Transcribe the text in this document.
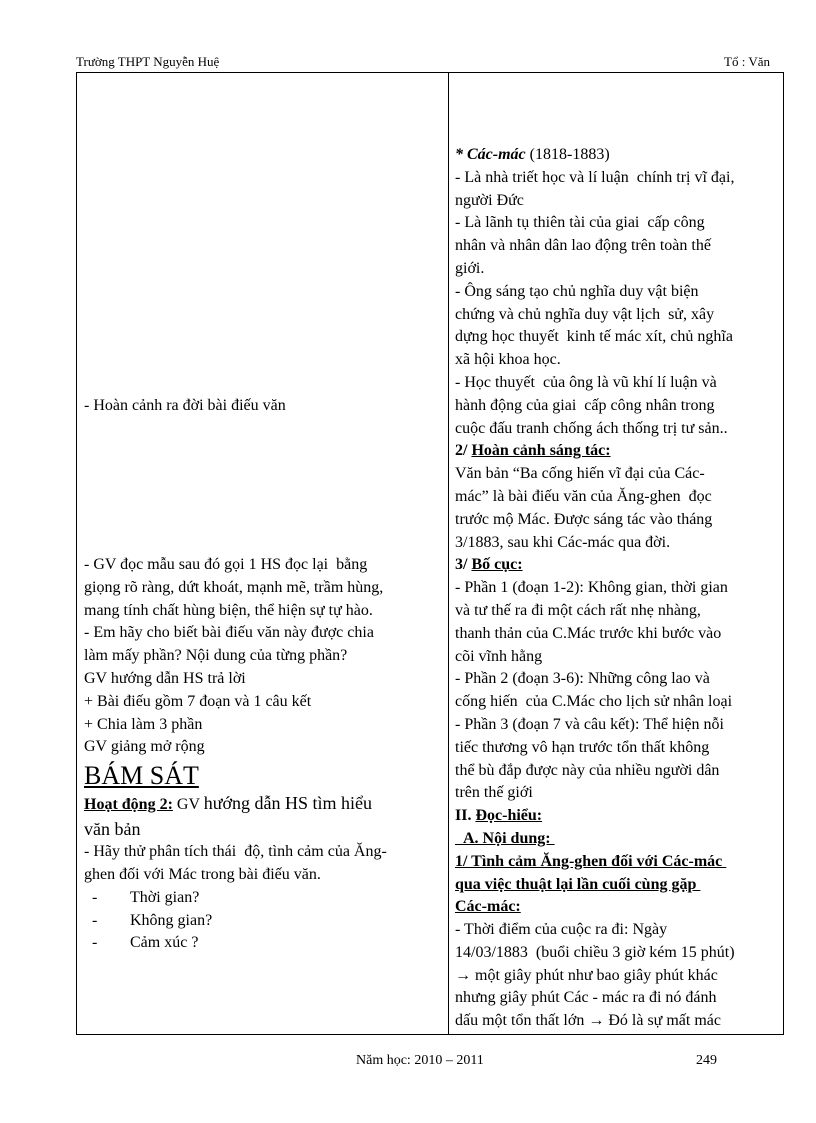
Trường THPT Nguyễn Huệ	Tổ : Văn

- Hoàn cảnh ra đời bài điếu văn

- GV đọc mẫu sau đó gọi 1 HS đọc lại  bằng

giọng rõ ràng, dứt khoát, mạnh mẽ, trầm hùng,

mang tính chất hùng biện, thể hiện sự tự hào.

- Em hãy cho biết bài điếu văn này được chia

làm mấy phần? Nội dung của từng phần?

GV hướng dẫn HS trả lời

+ Bài điếu gồm 7 đoạn và 1 câu kết

+ Chia làm 3 phần

GV giảng mở rộng

BÁM SÁT

Hoạt động 2: GV hướng dẫn HS tìm hiểu

văn bản

- Hãy thử phân tích thái  độ, tình cảm của Ăng-

ghen đối với Mác trong bài điếu văn.

- Thời gian?

- Không gian?

- Cảm xúc ?

* Các-mác (1818-1883)

- Là nhà triết học và lí luận  chính trị vĩ đại,

người Đức

- Là lãnh tụ thiên tài của giai  cấp công

nhân và nhân dân lao động trên toàn thế

giới.

- Ông sáng tạo chủ nghĩa duy vật biện

chứng và chủ nghĩa duy vật lịch  sử, xây

dựng học thuyết  kinh tế mác xít, chủ nghĩa

xã hội khoa học.

- Học thuyết  của ông là vũ khí lí luận và

hành động của giai  cấp công nhân trong

cuộc đấu tranh chống ách thống trị tư sản..

2/ Hoàn cảnh sáng tác:

Văn bản “Ba cống hiến vĩ đại của Các-

mác” là bài điếu văn của Ăng-ghen  đọc

trước mộ Mác. Được sáng tác vào tháng

3/1883, sau khi Các-mác qua đời.

3/ Bố cục:

- Phần 1 (đoạn 1-2): Không gian, thời gian

và tư thế ra đi một cách rất nhẹ nhàng,

thanh thản của C.Mác trước khi bước vào

cõi vĩnh hằng

- Phần 2 (đoạn 3-6): Những công lao và

cống hiến  của C.Mác cho lịch sử nhân loại

- Phần 3 (đoạn 7 và câu kết): Thể hiện nỗi

tiếc thương vô hạn trước tổn thất không

thể bù đắp được này của nhiều người dân

trên thế giới

II. Đọc-hiểu:

A. Nội dung:

1/ Tình cảm Ăng-ghen đối với Các-mác

qua việc thuật lại lần cuối cùng gặp

Các-mác:

- Thời điểm của cuộc ra đi: Ngày

14/03/1883  (buổi chiều 3 giờ kém 15 phút)

→ một giây phút như bao giây phút khác

nhưng giây phút Các - mác ra đi nó đánh

dấu một tổn thất lớn → Đó là sự mất mác

Năm học: 2010 – 2011	249
